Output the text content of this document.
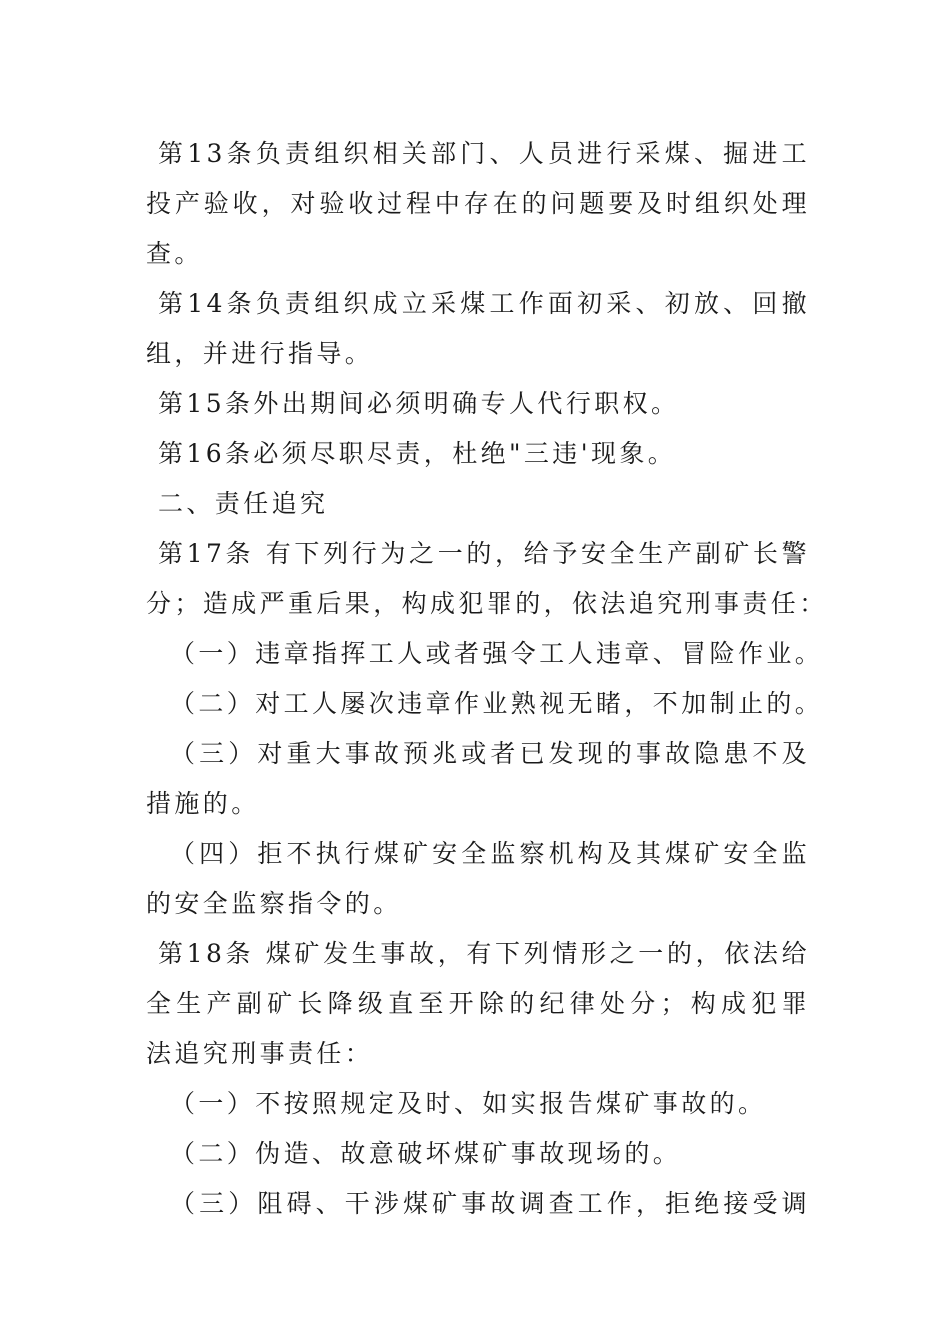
第13条负责组织相关部门、人员进行采煤、掘进工
投产验收，对验收过程中存在的问题要及时组织处理
查。
第14条负责组织成立采煤工作面初采、初放、回撤
组，并进行指导。
第15条外出期间必须明确专人代行职权。
第16条必须尽职尽责，杜绝"三违'现象。
二、责任追究
第17条 有下列行为之一的，给予安全生产副矿长警
分；造成严重后果，构成犯罪的，依法追究刑事责任：
（一）违章指挥工人或者强令工人违章、冒险作业。
（二）对工人屡次违章作业熟视无睹，不加制止的。
（三）对重大事故预兆或者已发现的事故隐患不及
措施的。
（四）拒不执行煤矿安全监察机构及其煤矿安全监
的安全监察指令的。
第18条 煤矿发生事故，有下列情形之一的，依法给
全生产副矿长降级直至开除的纪律处分；构成犯罪
法追究刑事责任：
（一）不按照规定及时、如实报告煤矿事故的。
（二）伪造、故意破坏煤矿事故现场的。
（三）阻碍、干涉煤矿事故调查工作，拒绝接受调
